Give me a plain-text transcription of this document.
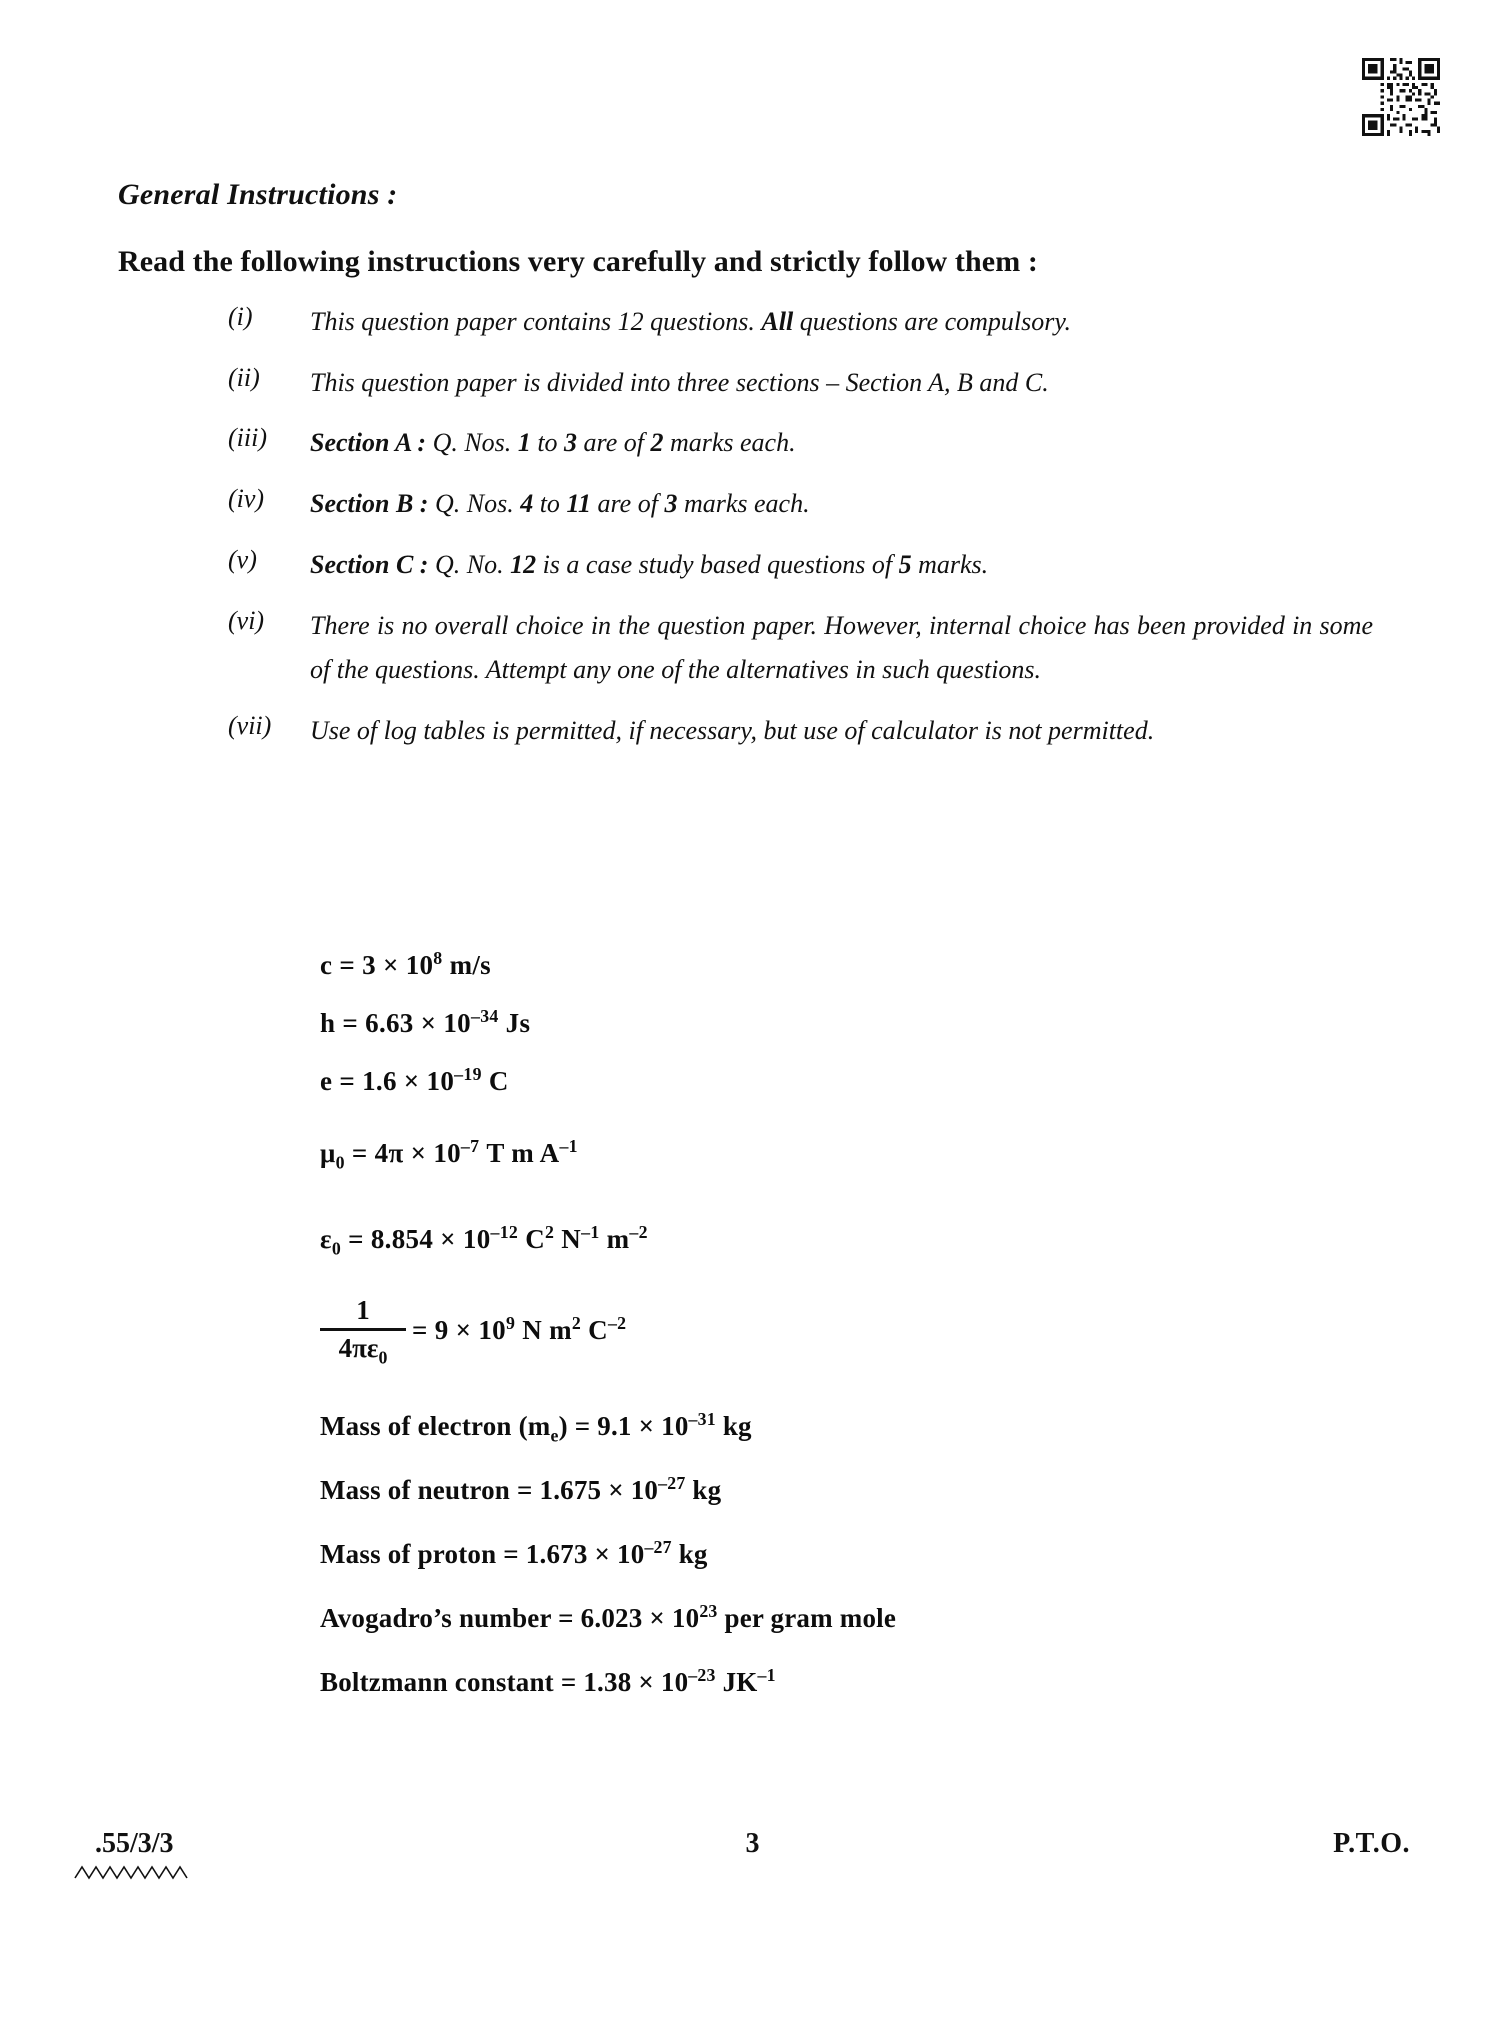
General Instructions :
Read the following instructions very carefully and strictly follow them :
(i)	This question paper contains 12 questions. All questions are compulsory.
(ii)	This question paper is divided into three sections – Section A, B and C.
(iii)	Section A : Q. Nos. 1 to 3 are of 2 marks each.
(iv)	Section B : Q. Nos. 4 to 11 are of 3 marks each.
(v)	Section C : Q. No. 12 is a case study based questions of 5 marks.
(vi)	There is no overall choice in the question paper. However, internal choice has been provided in some of the questions. Attempt any one of the alternatives in such questions.
(vii)	Use of log tables is permitted, if necessary, but use of calculator is not permitted.
$c = 3 \times 10^8$ m/s
$h = 6.63 \times 10^{-34}$ Js
$e = 1.6 \times 10^{-19}$ C
$\mu_0 = 4\pi \times 10^{-7}$ T m $A^{-1}$
$\varepsilon_0 = 8.854 \times 10^{-12}$ $C^2$ $N^{-1}$ $m^{-2}$
$\frac{1}{4\pi\varepsilon_0} = 9 \times 10^9$ N $m^2$ $C^{-2}$
Mass of electron $(m_e) = 9.1 \times 10^{-31}$ kg
Mass of neutron = $1.675 \times 10^{-27}$ kg
Mass of proton = $1.673 \times 10^{-27}$ kg
Avogadro’s number = $6.023 \times 10^{23}$ per gram mole
Boltzmann constant = $1.38 \times 10^{-23}$ $JK^{-1}$
.55/3/3	3	P.T.O.
